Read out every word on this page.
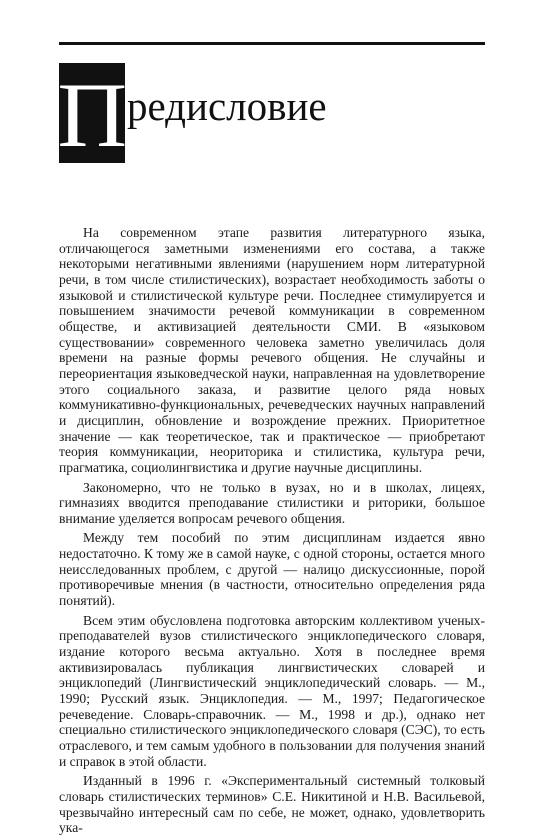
П редисловие

На современном этапе развития литературного языка, отличающегося заметными изменениями его состава, а также некоторыми негативными явлениями (нарушением норм литературной речи, в том числе стилистических), возрастает необходимость заботы о языковой и стилистической культуре речи. Последнее стимулируется и повышением значимости речевой коммуникации в современном обществе, и активизацией деятельности СМИ. В «языковом существовании» современного человека заметно увеличилась доля времени на разные формы речевого общения. Не случайны и переориентация языковедческой науки, направленная на удовлетворение этого социального заказа, и развитие целого ряда новых коммуникативно-функциональных, речеведческих научных направлений и дисциплин, обновление и возрождение прежних. Приоритетное значение — как теоретическое, так и практическое — приобретают теория коммуникации, неориторика и стилистика, культура речи, прагматика, социолингвистика и другие научные дисциплины.

Закономерно, что не только в вузах, но и в школах, лицеях, гимназиях вводится преподавание стилистики и риторики, большое внимание уделяется вопросам речевого общения.

Между тем пособий по этим дисциплинам издается явно недостаточно. К тому же в самой науке, с одной стороны, остается много неисследованных проблем, с другой — налицо дискуссионные, порой противоречивые мнения (в частности, относительно определения ряда понятий).

Всем этим обусловлена подготовка авторским коллективом ученых-преподавателей вузов стилистического энциклопедического словаря, издание которого весьма актуально. Хотя в последнее время активизировалась публикация лингвистических словарей и энциклопедий (Лингвистический энциклопедический словарь. — М., 1990; Русский язык. Энциклопедия. — М., 1997; Педагогическое речеведение. Словарь-справочник. — М., 1998 и др.), однако нет специально стилистического энциклопедического словаря (СЭС), то есть отраслевого, и тем самым удобного в пользовании для получения знаний и справок в этой области.

Изданный в 1996 г. «Экспериментальный системный толковый словарь стилистических терминов» С.Е. Никитиной и Н.В. Васильевой, чрезвычайно интересный сам по себе, не может, однако, удовлетворить ука-
